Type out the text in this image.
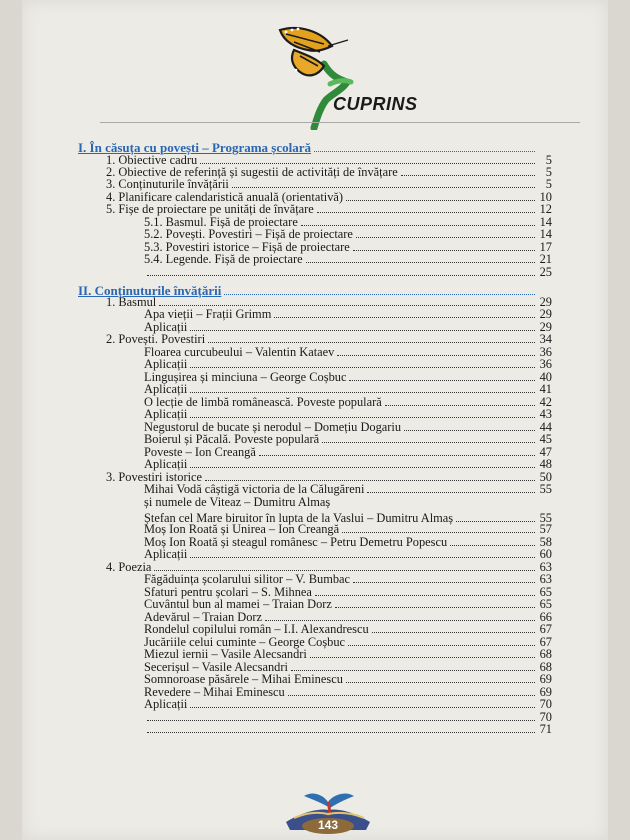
CUPRINS
I. În căsuța cu povești – Programa școlară
1. Obiective cadru	5
2. Obiective de referință și sugestii de activități de învățare	5
3. Conținuturile învățării	5
4. Planificare calendaristică anuală (orientativă)	10
5. Fișe de proiectare pe unități de învățare	12
5.1. Basmul. Fișă de proiectare	14
5.2. Povești. Povestiri – Fișă de proiectare	14
5.3. Povestiri istorice – Fișă de proiectare	17
5.4. Legende. Fișă de proiectare	21
25
II. Conținuturile învățării
1. Basmul	29
Apa vieții – Frații Grimm	29
Aplicații	29
2. Povești. Povestiri	34
Floarea curcubeului – Valentin Kataev	36
Aplicații	36
Lingușirea și minciuna – George Coșbuc	40
Aplicații	41
O lecție de limbă românească. Poveste populară	42
Aplicații	43
Negustorul de bucate și nerodul – Domețiu Dogariu	44
Boierul și Păcală. Poveste populară	45
Poveste – Ion Creangă	47
Aplicații	48
3. Povestiri istorice	50
Mihai Vodă câștigă victoria de la Călugăreni	55
și numele de Viteaz – Dumitru Almaș
Ștefan cel Mare biruitor în lupta de la Vaslui – Dumitru Almaș	55
Moș Ion Roată și Unirea – Ion Creangă	57
Moș Ion Roată și steagul românesc – Petru Demetru Popescu	58
Aplicații	60
4. Poezia	63
Făgăduința școlarului silitor – V. Bumbac	63
Sfaturi pentru școlari – S. Mihnea	65
Cuvântul bun al mamei – Traian Dorz	65
Adevărul – Traian Dorz	66
Rondelul copilului român – I.I. Alexandrescu	67
Jucăriile celui cuminte – George Coșbuc	67
Miezul iernii – Vasile Alecsandri	68
Secerișul – Vasile Alecsandri	68
Somnoroase păsărele – Mihai Eminescu	69
Revedere – Mihai Eminescu	69
Aplicații	70
70
71
143
